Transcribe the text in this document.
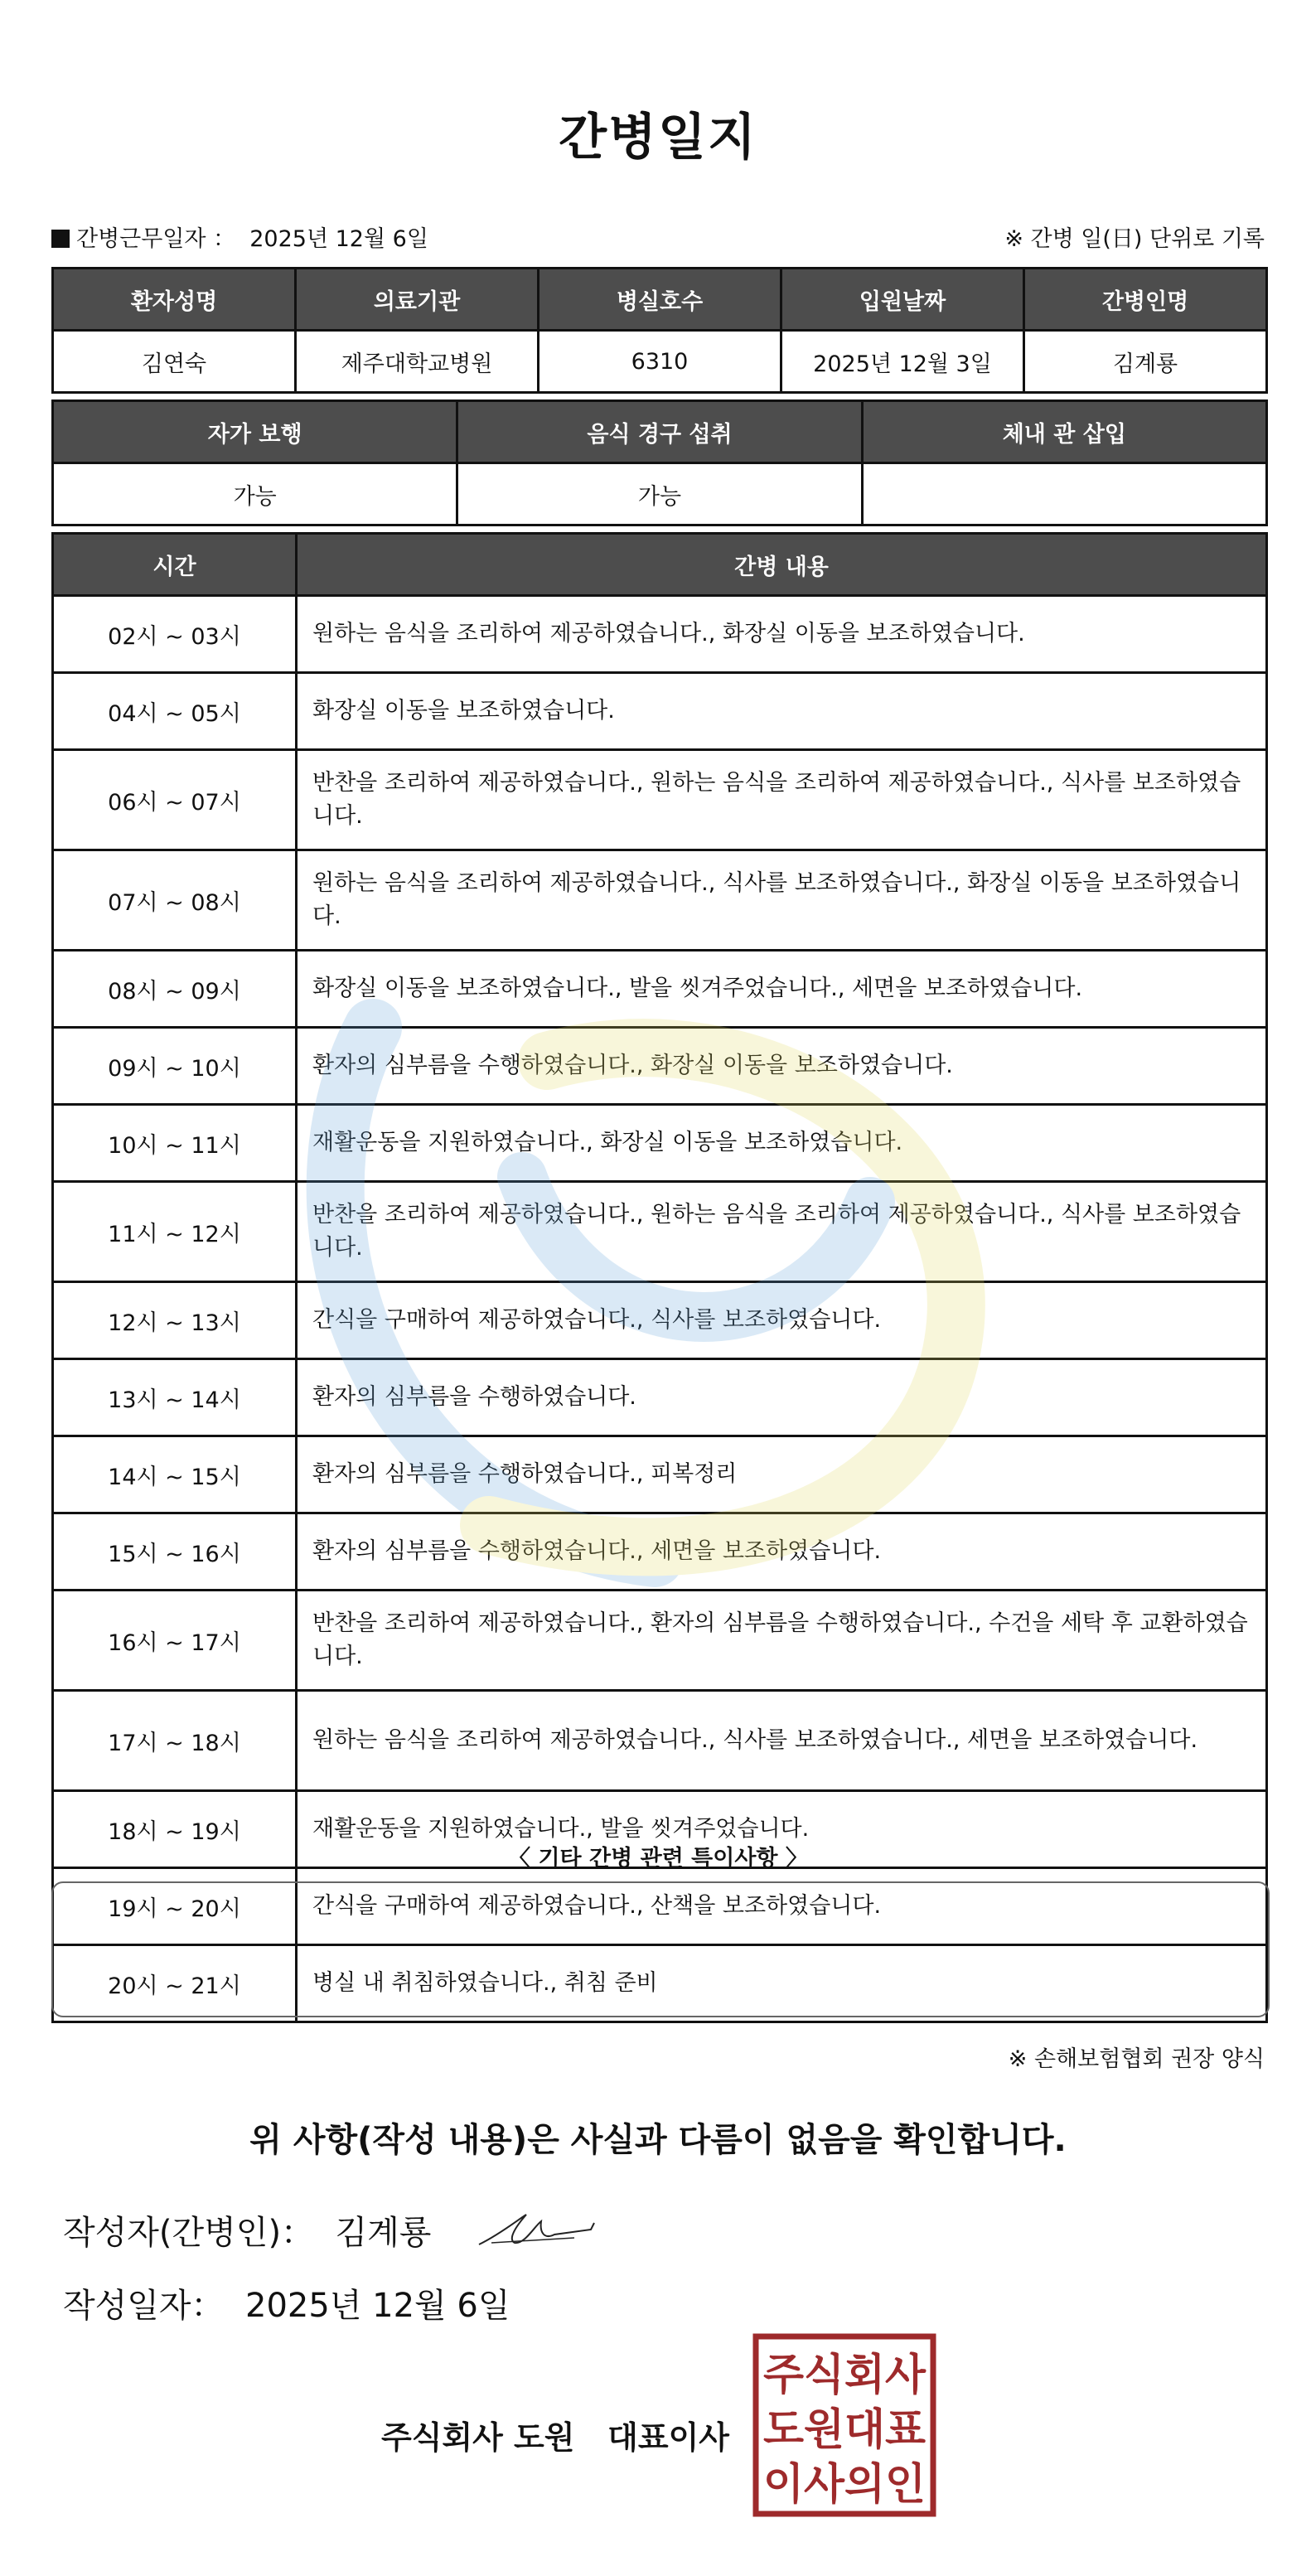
간병일지
간병근무일자 ： 2025년 12월 6일	※ 간병 일(日) 단위로 기록
환자성명	의료기관	병실호수	입원날짜	간병인명
김연숙	제주대학교병원	6310	2025년 12월 3일	김계룡
자가 보행	음식 경구 섭취	체내 관 삽입
가능	가능	
시간	간병 내용
02시 ~ 03시	원하는 음식을 조리하여 제공하였습니다., 화장실 이동을 보조하였습니다.
04시 ~ 05시	화장실 이동을 보조하였습니다.
06시 ~ 07시	반찬을 조리하여 제공하였습니다., 원하는 음식을 조리하여 제공하였습니다., 식사를 보조하였습니다.
07시 ~ 08시	원하는 음식을 조리하여 제공하였습니다., 식사를 보조하였습니다., 화장실 이동을 보조하였습니다.
08시 ~ 09시	화장실 이동을 보조하였습니다., 발을 씻겨주었습니다., 세면을 보조하였습니다.
09시 ~ 10시	환자의 심부름을 수행하였습니다., 화장실 이동을 보조하였습니다.
10시 ~ 11시	재활운동을 지원하였습니다., 화장실 이동을 보조하였습니다.
11시 ~ 12시	반찬을 조리하여 제공하였습니다., 원하는 음식을 조리하여 제공하였습니다., 식사를 보조하였습니다.
12시 ~ 13시	간식을 구매하여 제공하였습니다., 식사를 보조하였습니다.
13시 ~ 14시	환자의 심부름을 수행하였습니다.
14시 ~ 15시	환자의 심부름을 수행하였습니다., 피복정리
15시 ~ 16시	환자의 심부름을 수행하였습니다., 세면을 보조하였습니다.
16시 ~ 17시	반찬을 조리하여 제공하였습니다., 환자의 심부름을 수행하였습니다., 수건을 세탁 후 교환하였습니다.
17시 ~ 18시	원하는 음식을 조리하여 제공하였습니다., 식사를 보조하였습니다., 세면을 보조하였습니다.
18시 ~ 19시	재활운동을 지원하였습니다., 발을 씻겨주었습니다.
19시 ~ 20시	간식을 구매하여 제공하였습니다., 산책을 보조하였습니다.
20시 ~ 21시	병실 내 취침하였습니다., 취침 준비
〈 기타 간병 관련 특이사항 〉
※ 손해보험협회 권장 양식
위 사항(작성 내용)은 사실과 다름이 없음을 확인합니다.
작성자(간병인)： 김계룡
작성일자： 2025년 12월 6일
주식회사 도원   대표이사
주식회사
도원대표
이사의인
